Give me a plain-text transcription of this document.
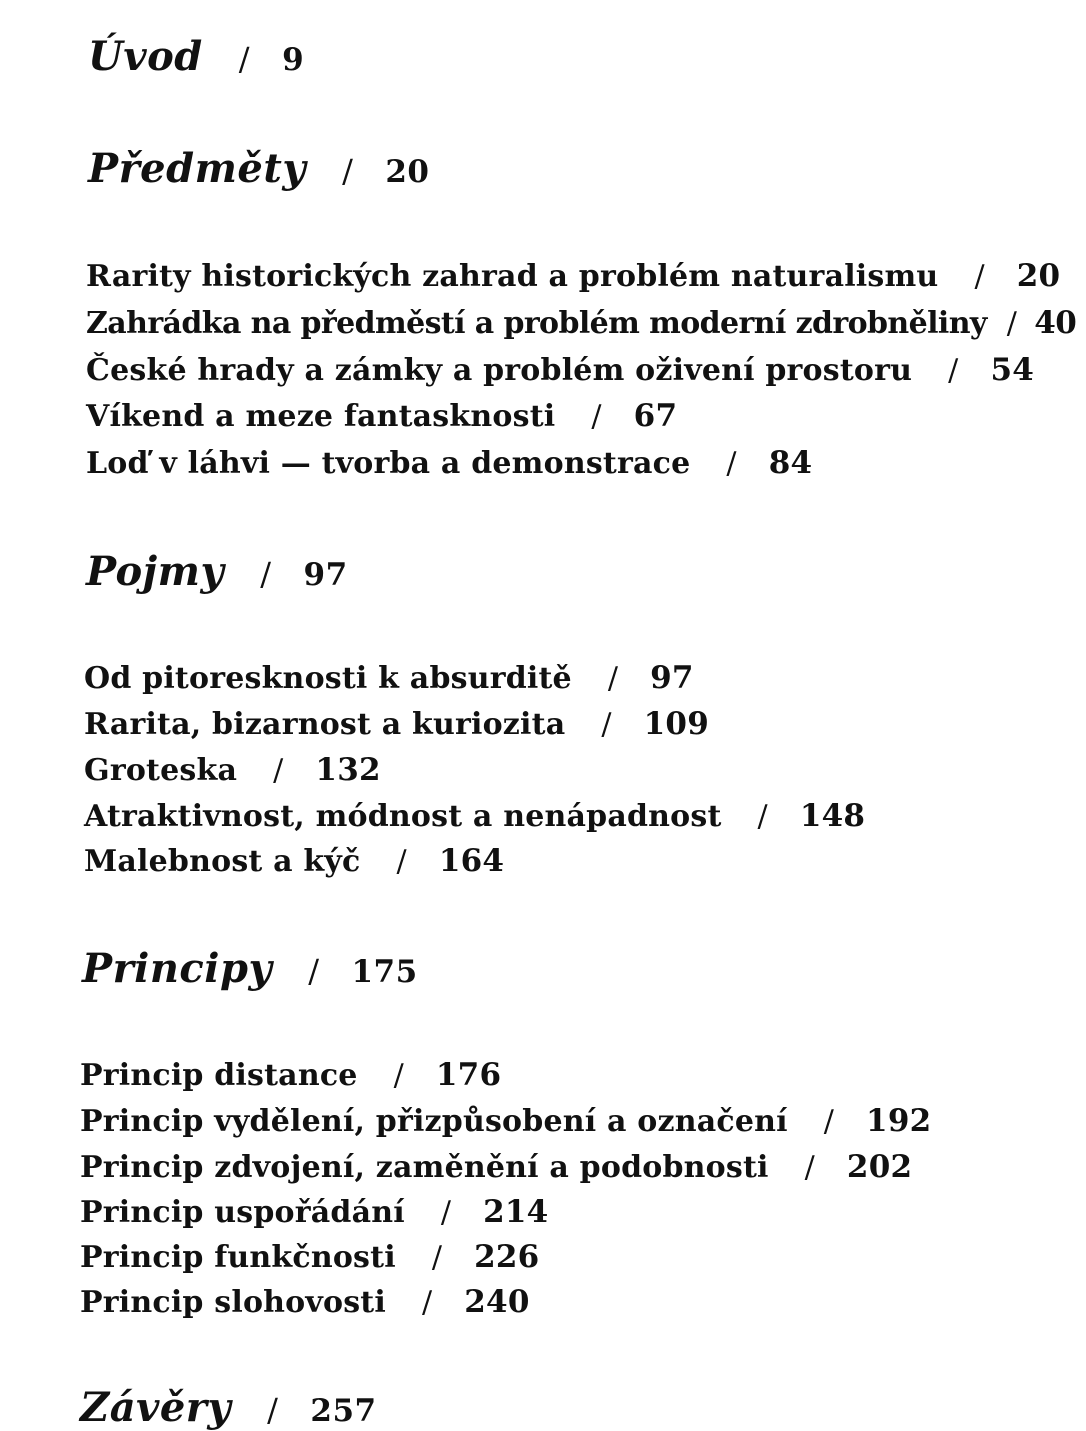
Úvod / 9
Předměty / 20
Rarity historických zahrad a problém naturalismu / 20
Zahrádka na předměstí a problém moderní zdrobněliny / 40
České hrady a zámky a problém oživení prostoru / 54
Víkend a meze fantasknosti / 67
Loď v láhvi — tvorba a demonstrace / 84
Pojmy / 97
Od pitoresknosti k absurditě / 97
Rarita, bizarnost a kuriozita / 109
Groteska / 132
Atraktivnost, módnost a nenápadnost / 148
Malebnost a kýč / 164
Principy / 175
Princip distance / 176
Princip vydělení, přizpůsobení a označení / 192
Princip zdvojení, zaměnění a podobnosti / 202
Princip uspořádání / 214
Princip funkčnosti / 226
Princip slohovosti / 240
Závěry / 257
